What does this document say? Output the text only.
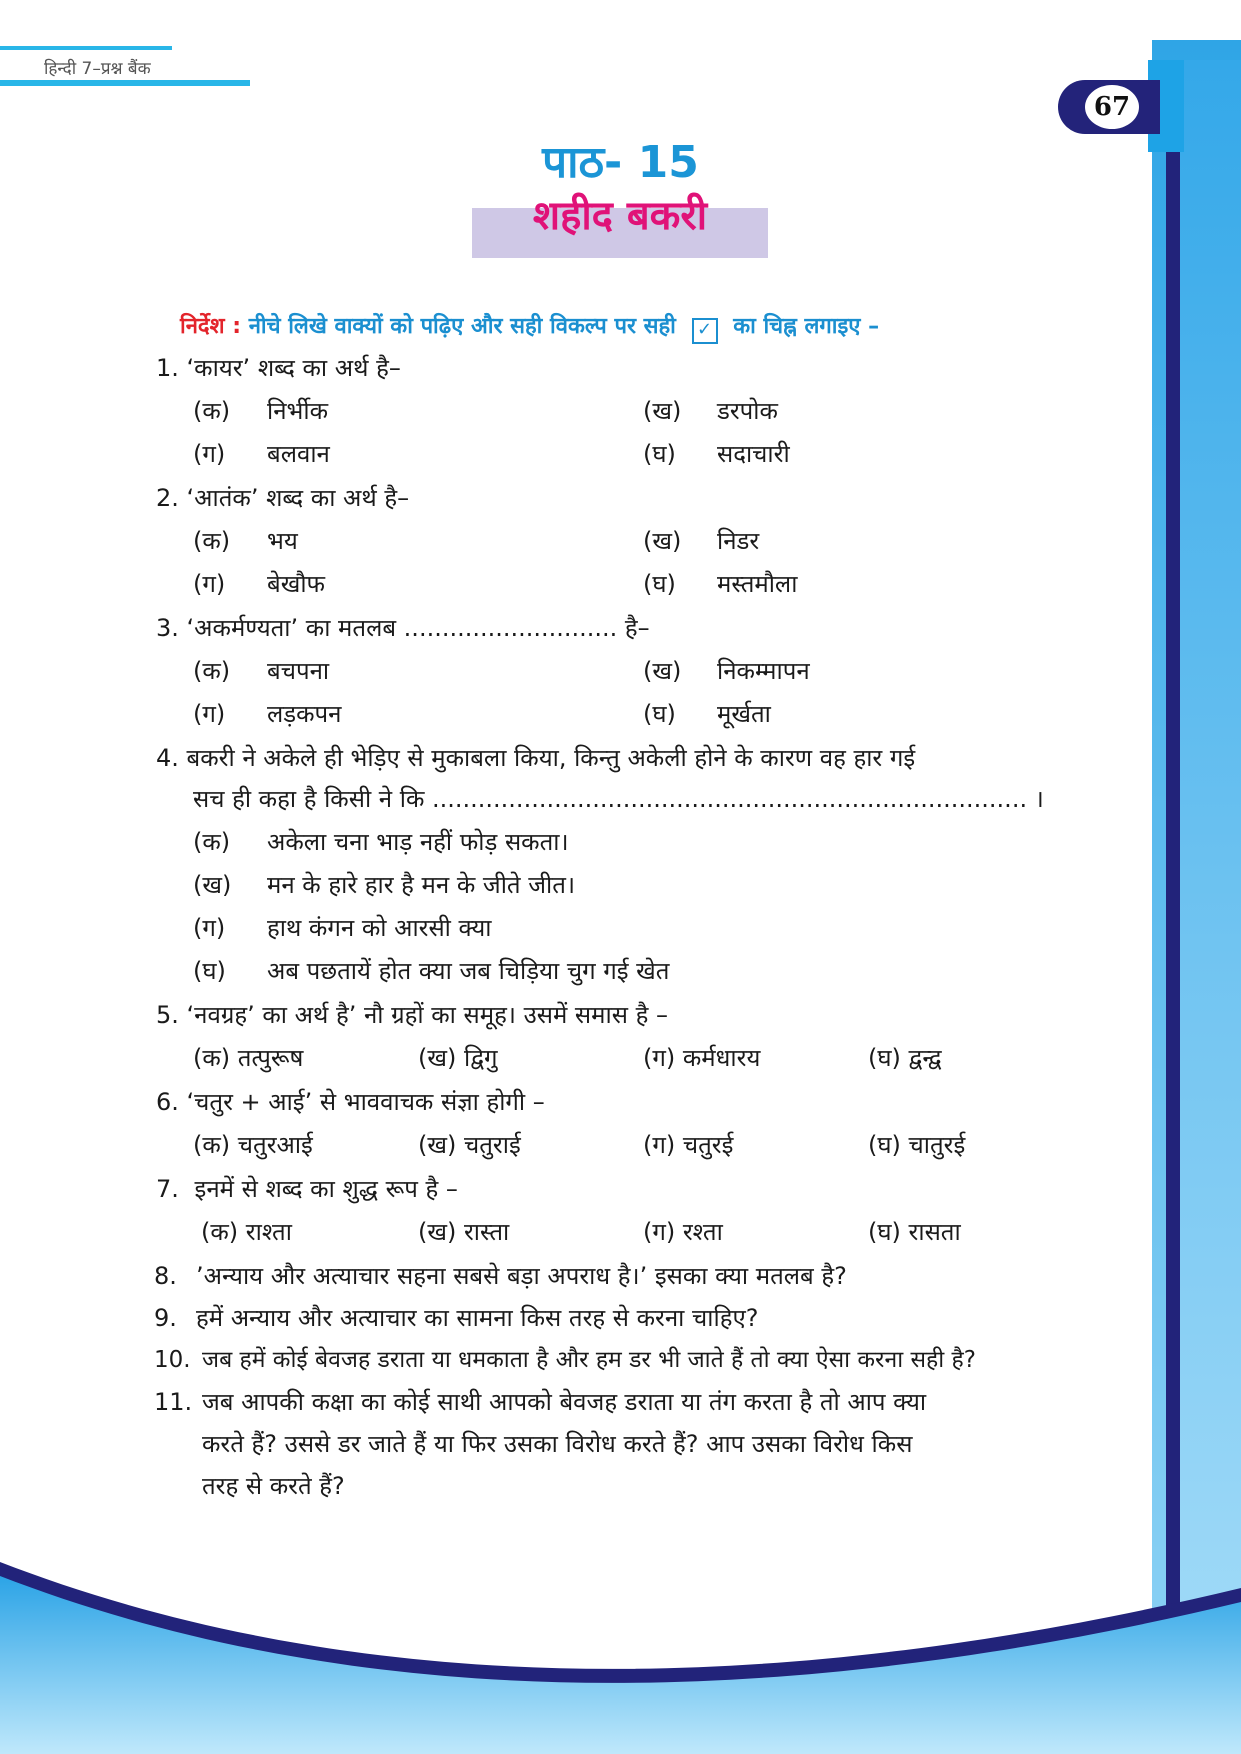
हिन्दी 7–प्रश्न बैंक
67
पाठ- 15
शहीद बकरी
निर्देश : नीचे लिखे वाक्यों को पढ़िए और सही विकल्प पर सही ✓ का चिह्न लगाइए –
1. ‘कायर’ शब्द का अर्थ है–
(क) निर्भीक	(ख) डरपोक
(ग) बलवान	(घ) सदाचारी
2. ‘आतंक’ शब्द का अर्थ है–
(क) भय	(ख) निडर
(ग) बेखौफ	(घ) मस्तमौला
3. ‘अकर्मण्यता’ का मतलब ............................ है–
(क) बचपना	(ख) निकम्मापन
(ग) लड़कपन	(घ) मूर्खता
4. बकरी ने अकेले ही भेड़िए से मुकाबला किया, किन्तु अकेली होने के कारण वह हार गई
सच ही कहा है किसी ने कि .............................................................................. ।
(क) अकेला चना भाड़ नहीं फोड़ सकता।
(ख) मन के हारे हार है मन के जीते जीत।
(ग) हाथ कंगन को आरसी क्या
(घ) अब पछतायें होत क्या जब चिड़िया चुग गई खेत
5. ‘नवग्रह’ का अर्थ है’ नौ ग्रहों का समूह। उसमें समास है –
(क) तत्पुरूष	(ख) द्विगु	(ग) कर्मधारय	(घ) द्वन्द्व
6. ‘चतुर + आई’ से भाववाचक संज्ञा होगी –
(क) चतुरआई	(ख) चतुराई	(ग) चतुरई	(घ) चातुरई
7. इनमें से शब्द का शुद्ध रूप है –
(क) राश्ता	(ख) रास्ता	(ग) रश्ता	(घ) रासता
8. ’अन्याय और अत्याचार सहना सबसे बड़ा अपराध है।’ इसका क्या मतलब है?
9. हमें अन्याय और अत्याचार का सामना किस तरह से करना चाहिए?
10. जब हमें कोई बेवजह डराता या धमकाता है और हम डर भी जाते हैं तो क्या ऐसा करना सही है?
11. जब आपकी कक्षा का कोई साथी आपको बेवजह डराता या तंग करता है तो आप क्या
करते हैं? उससे डर जाते हैं या फिर उसका विरोध करते हैं? आप उसका विरोध किस
तरह से करते हैं?
